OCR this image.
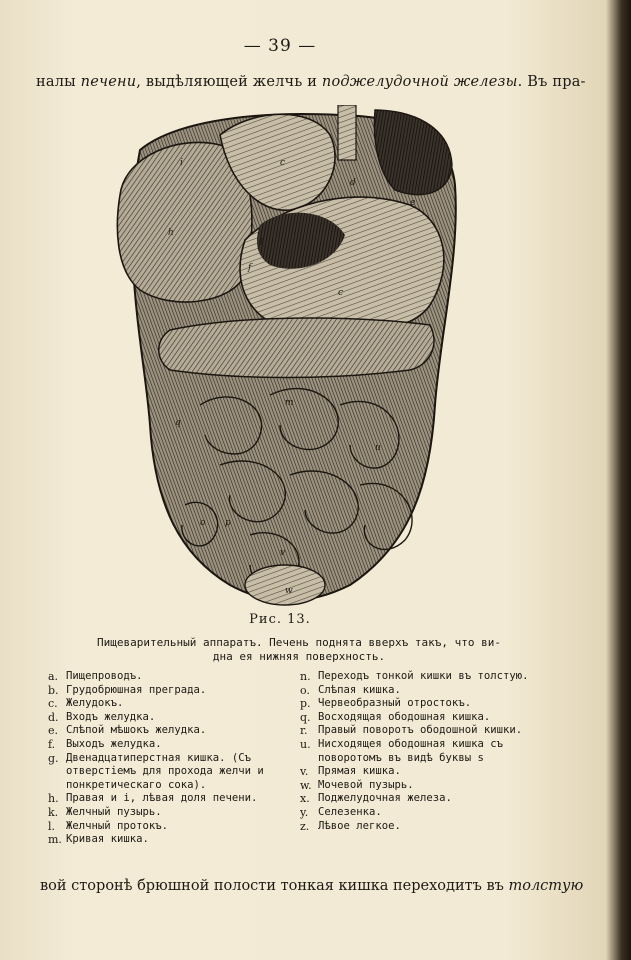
— 39 —
налы печени, выдѣляющей желчь и поджелудочной железы. Въ пра-
i
h
c
d
e
l
f
c
u
m
o p
v
w
q
Рис. 13.
Пищеварительный аппаратъ. Печень поднята вверхъ такъ, что ви-
дна ея нижняя поверхность.
a. Пищепроводъ.
b. Грудобрюшная преграда.
c. Желудокъ.
d. Входъ желудка.
e. Слѣпой мѣшокъ желудка.
f.	Выходъ желудка.
g. Двенадцатиперстная кишка. (Съ отверстіемъ для прохода желчи и понкретическаго сока).
h. Правая и i, лѣвая доля печени.
k. Желчный пузырь.
l.	Желчный протокъ.
m. Кривая кишка.
n. Переходъ тонкой кишки въ толстую.
o. Слѣпая кишка.
p. Червеобразный отростокъ.
q. Восходящая ободошная кишка.
r. Правый поворотъ ободошной кишки.
u. Нисходящея ободошная кишка съ поворотомъ въ видѣ буквы s
v. Прямая кишка.
w. Мочевой пузырь.
x. Поджелудочная железа.
y. Селезенка.
z. Лѣвое легкое.
вой сторонѣ брюшной полости тонкая кишка переходитъ въ толстую
